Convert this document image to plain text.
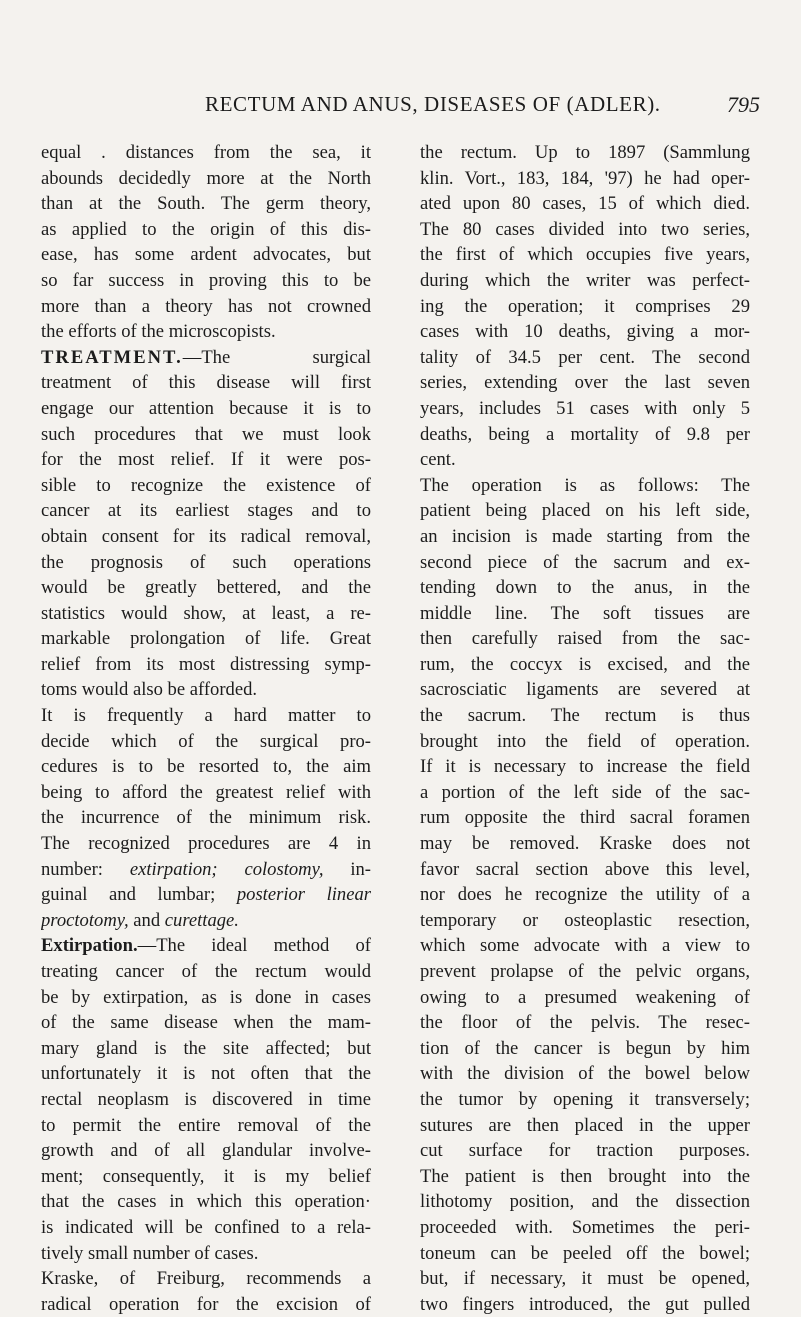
RECTUM AND ANUS, DISEASES OF (ADLER).	795
equal . distances from the sea, it
abounds decidedly more at the North
than at the South. The germ theory,
as applied to the origin of this dis-
ease, has some ardent advocates, but
so far success in proving this to be
more than a theory has not crowned
the efforts of the microscopists.
TREATMENT.—The surgical
treatment of this disease will first
engage our attention because it is to
such procedures that we must look
for the most relief. If it were pos-
sible to recognize the existence of
cancer at its earliest stages and to
obtain consent for its radical removal,
the prognosis of such operations
would be greatly bettered, and the
statistics would show, at least, a re-
markable prolongation of life. Great
relief from its most distressing symp-
toms would also be afforded.
It is frequently a hard matter to
decide which of the surgical pro-
cedures is to be resorted to, the aim
being to afford the greatest relief with
the incurrence of the minimum risk.
The recognized procedures are 4 in
number: extirpation; colostomy, in-
guinal and lumbar; posterior linear
proctotomy, and curettage.
Extirpation.—The ideal method of
treating cancer of the rectum would
be by extirpation, as is done in cases
of the same disease when the mam-
mary gland is the site affected; but
unfortunately it is not often that the
rectal neoplasm is discovered in time
to permit the entire removal of the
growth and of all glandular involve-
ment; consequently, it is my belief
that the cases in which this operation·
is indicated will be confined to a rela-
tively small number of cases.
Kraske, of Freiburg, recommends a
radical operation for the excision of
the rectum. Up to 1897 (Sammlung
klin. Vort., 183, 184, '97) he had oper-
ated upon 80 cases, 15 of which died.
The 80 cases divided into two series,
the first of which occupies five years,
during which the writer was perfect-
ing the operation; it comprises 29
cases with 10 deaths, giving a mor-
tality of 34.5 per cent. The second
series, extending over the last seven
years, includes 51 cases with only 5
deaths, being a mortality of 9.8 per
cent.
The operation is as follows: The
patient being placed on his left side,
an incision is made starting from the
second piece of the sacrum and ex-
tending down to the anus, in the
middle line. The soft tissues are
then carefully raised from the sac-
rum, the coccyx is excised, and the
sacrosciatic ligaments are severed at
the sacrum. The rectum is thus
brought into the field of operation.
If it is necessary to increase the field
a portion of the left side of the sac-
rum opposite the third sacral foramen
may be removed. Kraske does not
favor sacral section above this level,
nor does he recognize the utility of a
temporary or osteoplastic resection,
which some advocate with a view to
prevent prolapse of the pelvic organs,
owing to a presumed weakening of
the floor of the pelvis. The resec-
tion of the cancer is begun by him
with the division of the bowel below
the tumor by opening it transversely;
sutures are then placed in the upper
cut surface for traction purposes.
The patient is then brought into the
lithotomy position, and the dissection
proceeded with. Sometimes the peri-
toneum can be peeled off the bowel;
but, if necessary, it must be opened,
two fingers introduced, the gut pulled
